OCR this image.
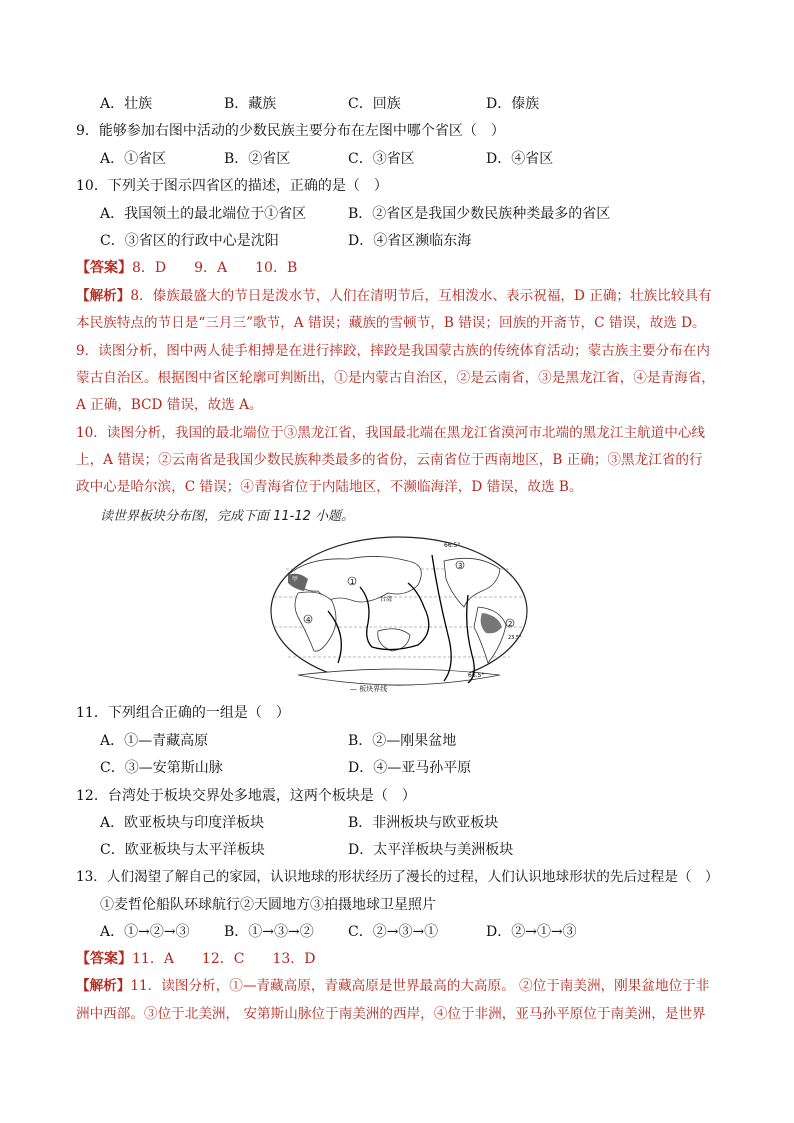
A．壮族	B．藏族	C．回族	D．傣族
9．能够参加右图中活动的少数民族主要分布在左图中哪个省区（　）
A．①省区	B．②省区	C．③省区	D．④省区
10．下列关于图示四省区的描述，正确的是（　）
A．我国领土的最北端位于①省区	B．②省区是我国少数民族种类最多的省区
C．③省区的行政中心是沈阳	D．④省区濒临东海
【答案】8．D　　9．A　　10．B
【解析】8．傣族最盛大的节日是泼水节，人们在清明节后，互相泼水、表示祝福，D 正确；壮族比较具有
本民族特点的节日是“三月三”歌节，A 错误；藏族的雪顿节，B 错误；回族的开斋节，C 错误，故选 D。
9．读图分析，图中两人徒手相搏是在进行摔跤，摔跤是我国蒙古族的传统体育活动；蒙古族主要分布在内
蒙古自治区。根据图中省区轮廓可判断出，①是内蒙古自治区，②是云南省，③是黑龙江省，④是青海省，
A 正确，BCD 错误，故选 A。
10．读图分析，我国的最北端位于③黑龙江省，我国最北端在黑龙江省漠河市北端的黑龙江主航道中心线
上，A 错误；②云南省是我国少数民族种类最多的省份，云南省位于西南地区，B 正确；③黑龙江省的行
政中心是哈尔滨，C 错误；④青海省位于内陆地区，不濒临海洋，D 错误，故选 B。
读世界板块分布图，完成下面 11-12 小题。
1
2
3
4
甲
台湾
66.5°
66.5°
23.5°
— 板块界线
11．下列组合正确的一组是（　）
A．①—青藏高原	B．②—刚果盆地
C．③—安第斯山脉	D．④—亚马孙平原
12．台湾处于板块交界处多地震，这两个板块是（　）
A．欧亚板块与印度洋板块	B．非洲板块与欧亚板块
C．欧亚板块与太平洋板块	D．太平洋板块与美洲板块
13．人们渴望了解自己的家园，认识地球的形状经历了漫长的过程，人们认识地球形状的先后过程是（　）
①麦哲伦船队环球航行②天圆地方③拍摄地球卫星照片
A．①→②→③ B．①→③→② C．②→③→①	D．②→①→③
【答案】11．A　　12．C　　13．D
【解析】11．读图分析，①—青藏高原，青藏高原是世界最高的大高原。 ②位于南美洲，刚果盆地位于非
洲中西部。③位于北美洲， 安第斯山脉位于南美洲的西岸，④位于非洲，亚马孙平原位于南美洲，是世界
